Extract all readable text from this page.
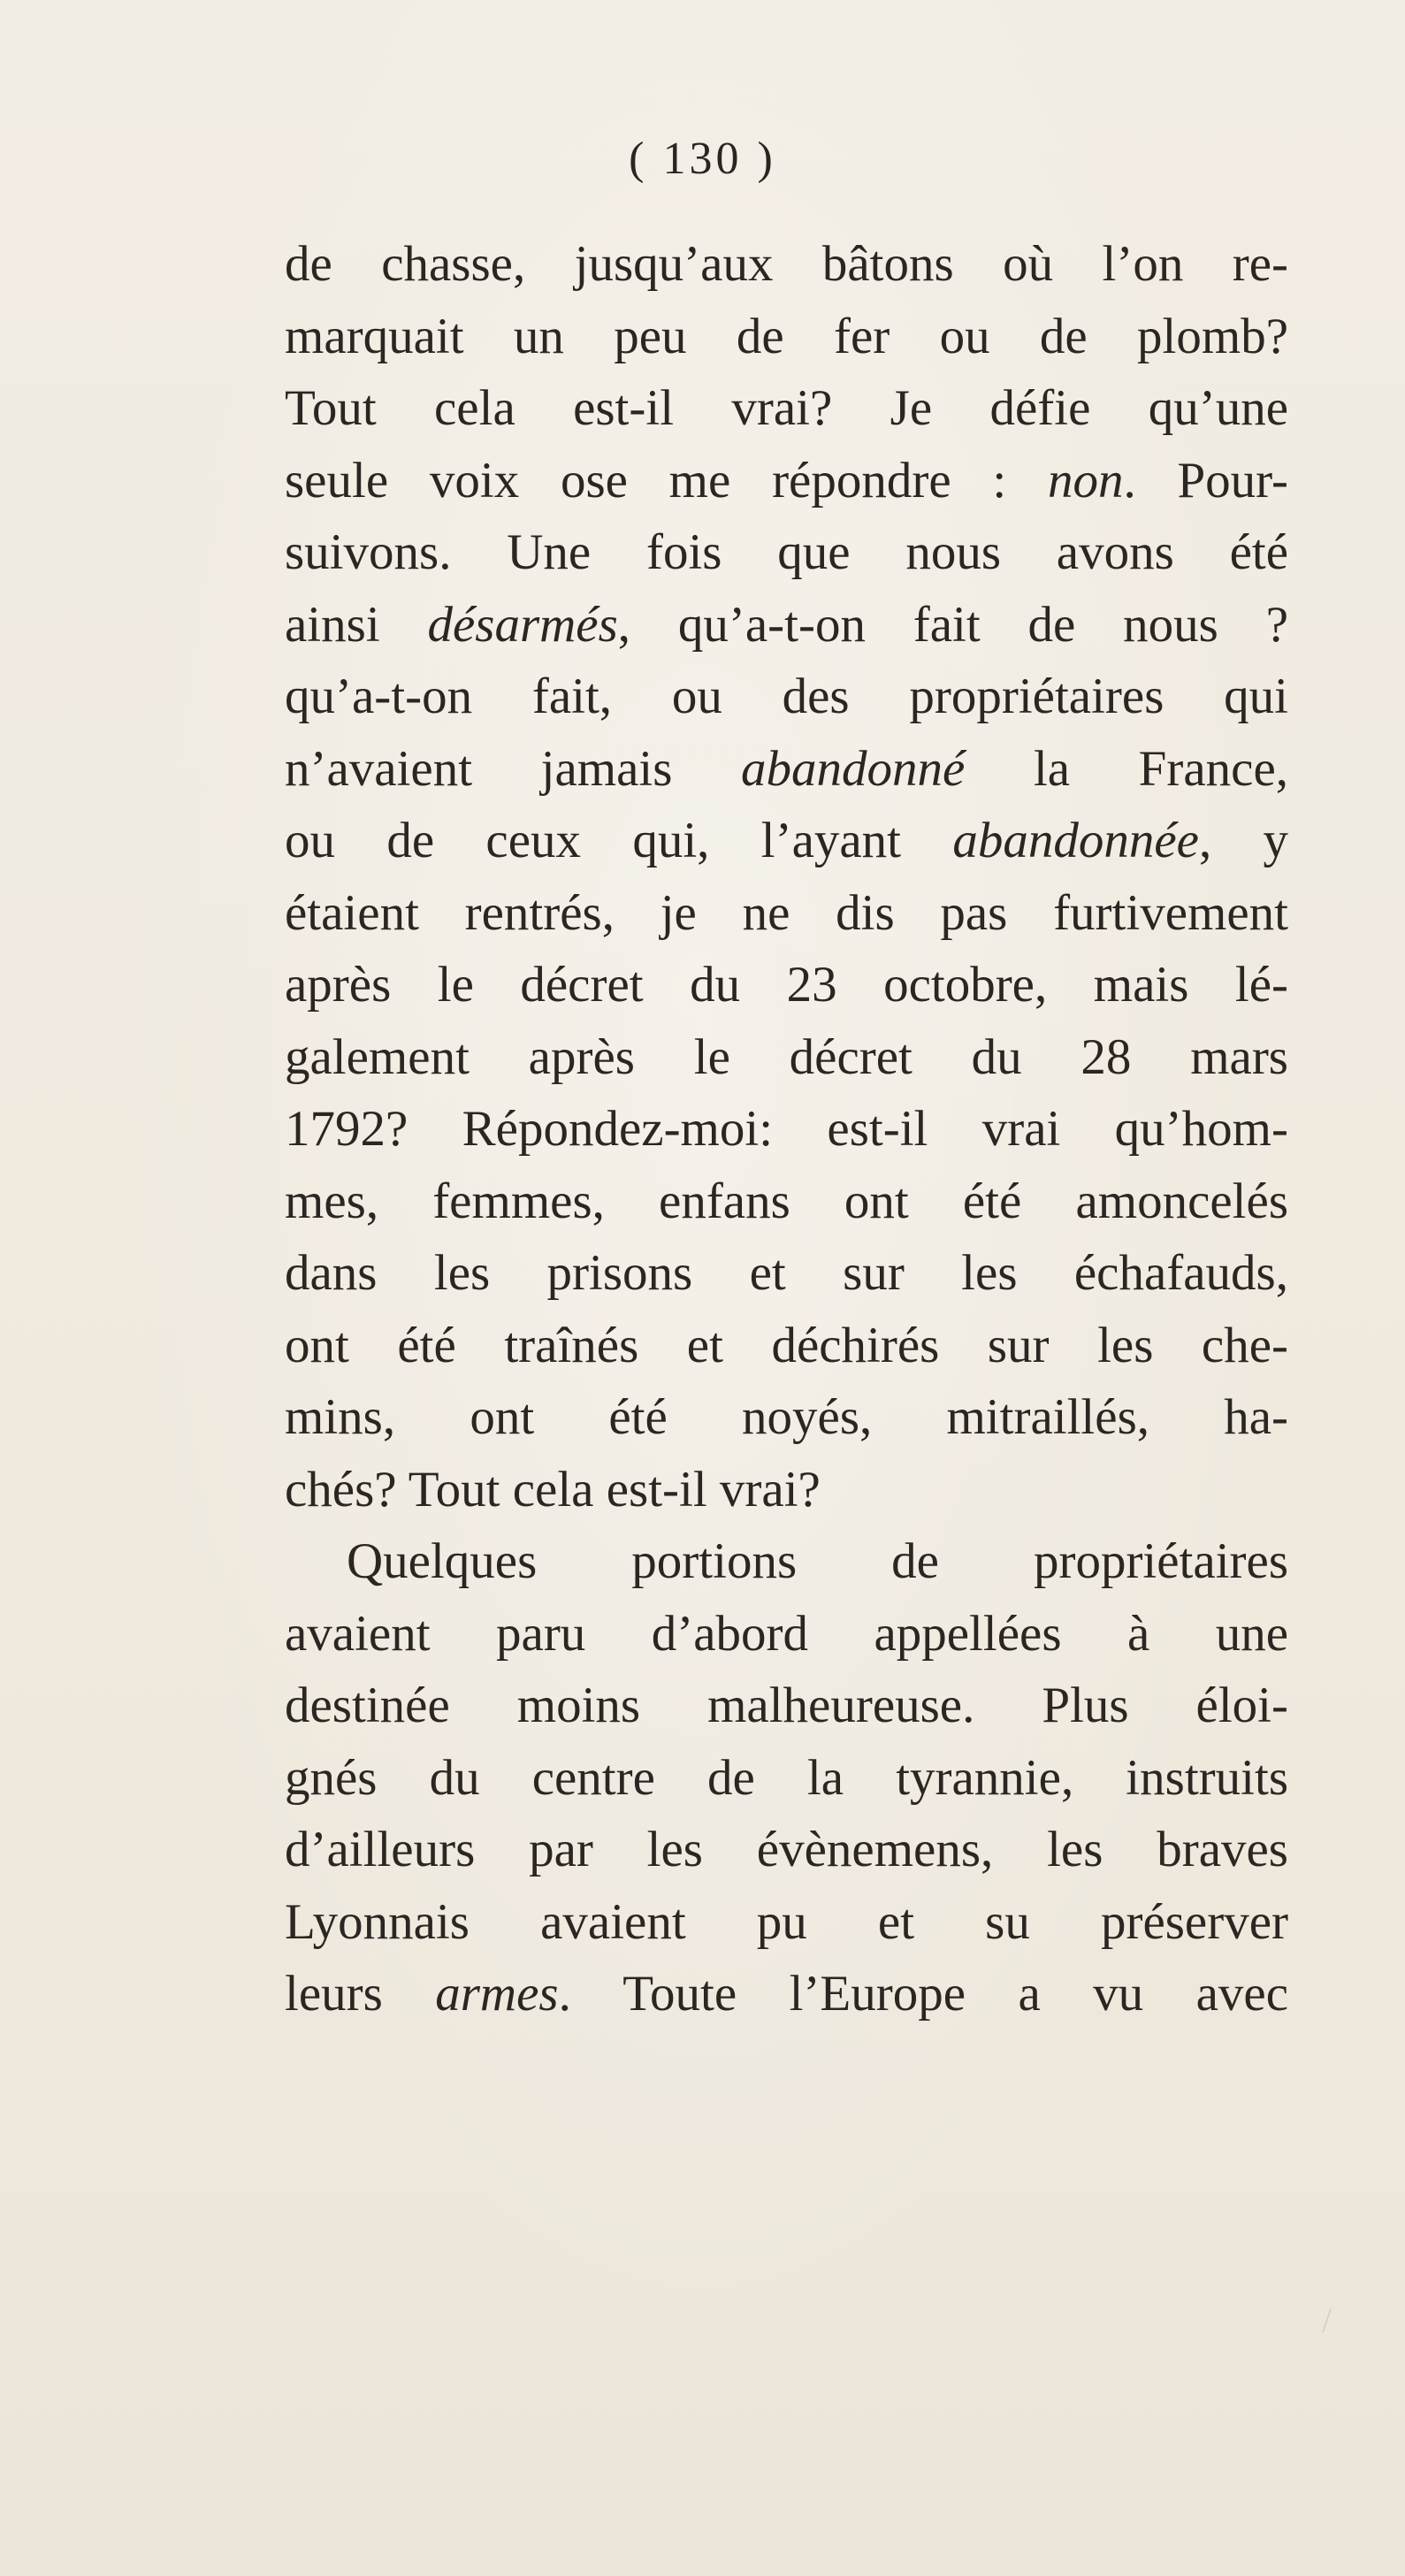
( 130 )
de chasse, jusqu’aux bâtons où l’on re-
marquait un peu de fer ou de plomb?
Tout cela est-il vrai? Je défie qu’une
seule voix ose me répondre : non. Pour-
suivons. Une fois que nous avons été
ainsi désarmés, qu’a-t-on fait de nous ?
qu’a-t-on fait, ou des propriétaires qui
n’avaient jamais abandonné la France,
ou de ceux qui, l’ayant abandonnée, y
étaient rentrés, je ne dis pas furtivement
après le décret du 23 octobre, mais lé-
galement après le décret du 28 mars
1792? Répondez-moi: est-il vrai qu’hom-
mes, femmes, enfans ont été amoncelés
dans les prisons et sur les échafauds,
ont été traînés et déchirés sur les che-
mins, ont été noyés, mitraillés, ha-
chés? Tout cela est-il vrai?
Quelques portions de propriétaires
avaient paru d’abord appellées à une
destinée moins malheureuse. Plus éloi-
gnés du centre de la tyrannie, instruits
d’ailleurs par les évènemens, les braves
Lyonnais avaient pu et su préserver
leurs armes. Toute l’Europe a vu avec
/
